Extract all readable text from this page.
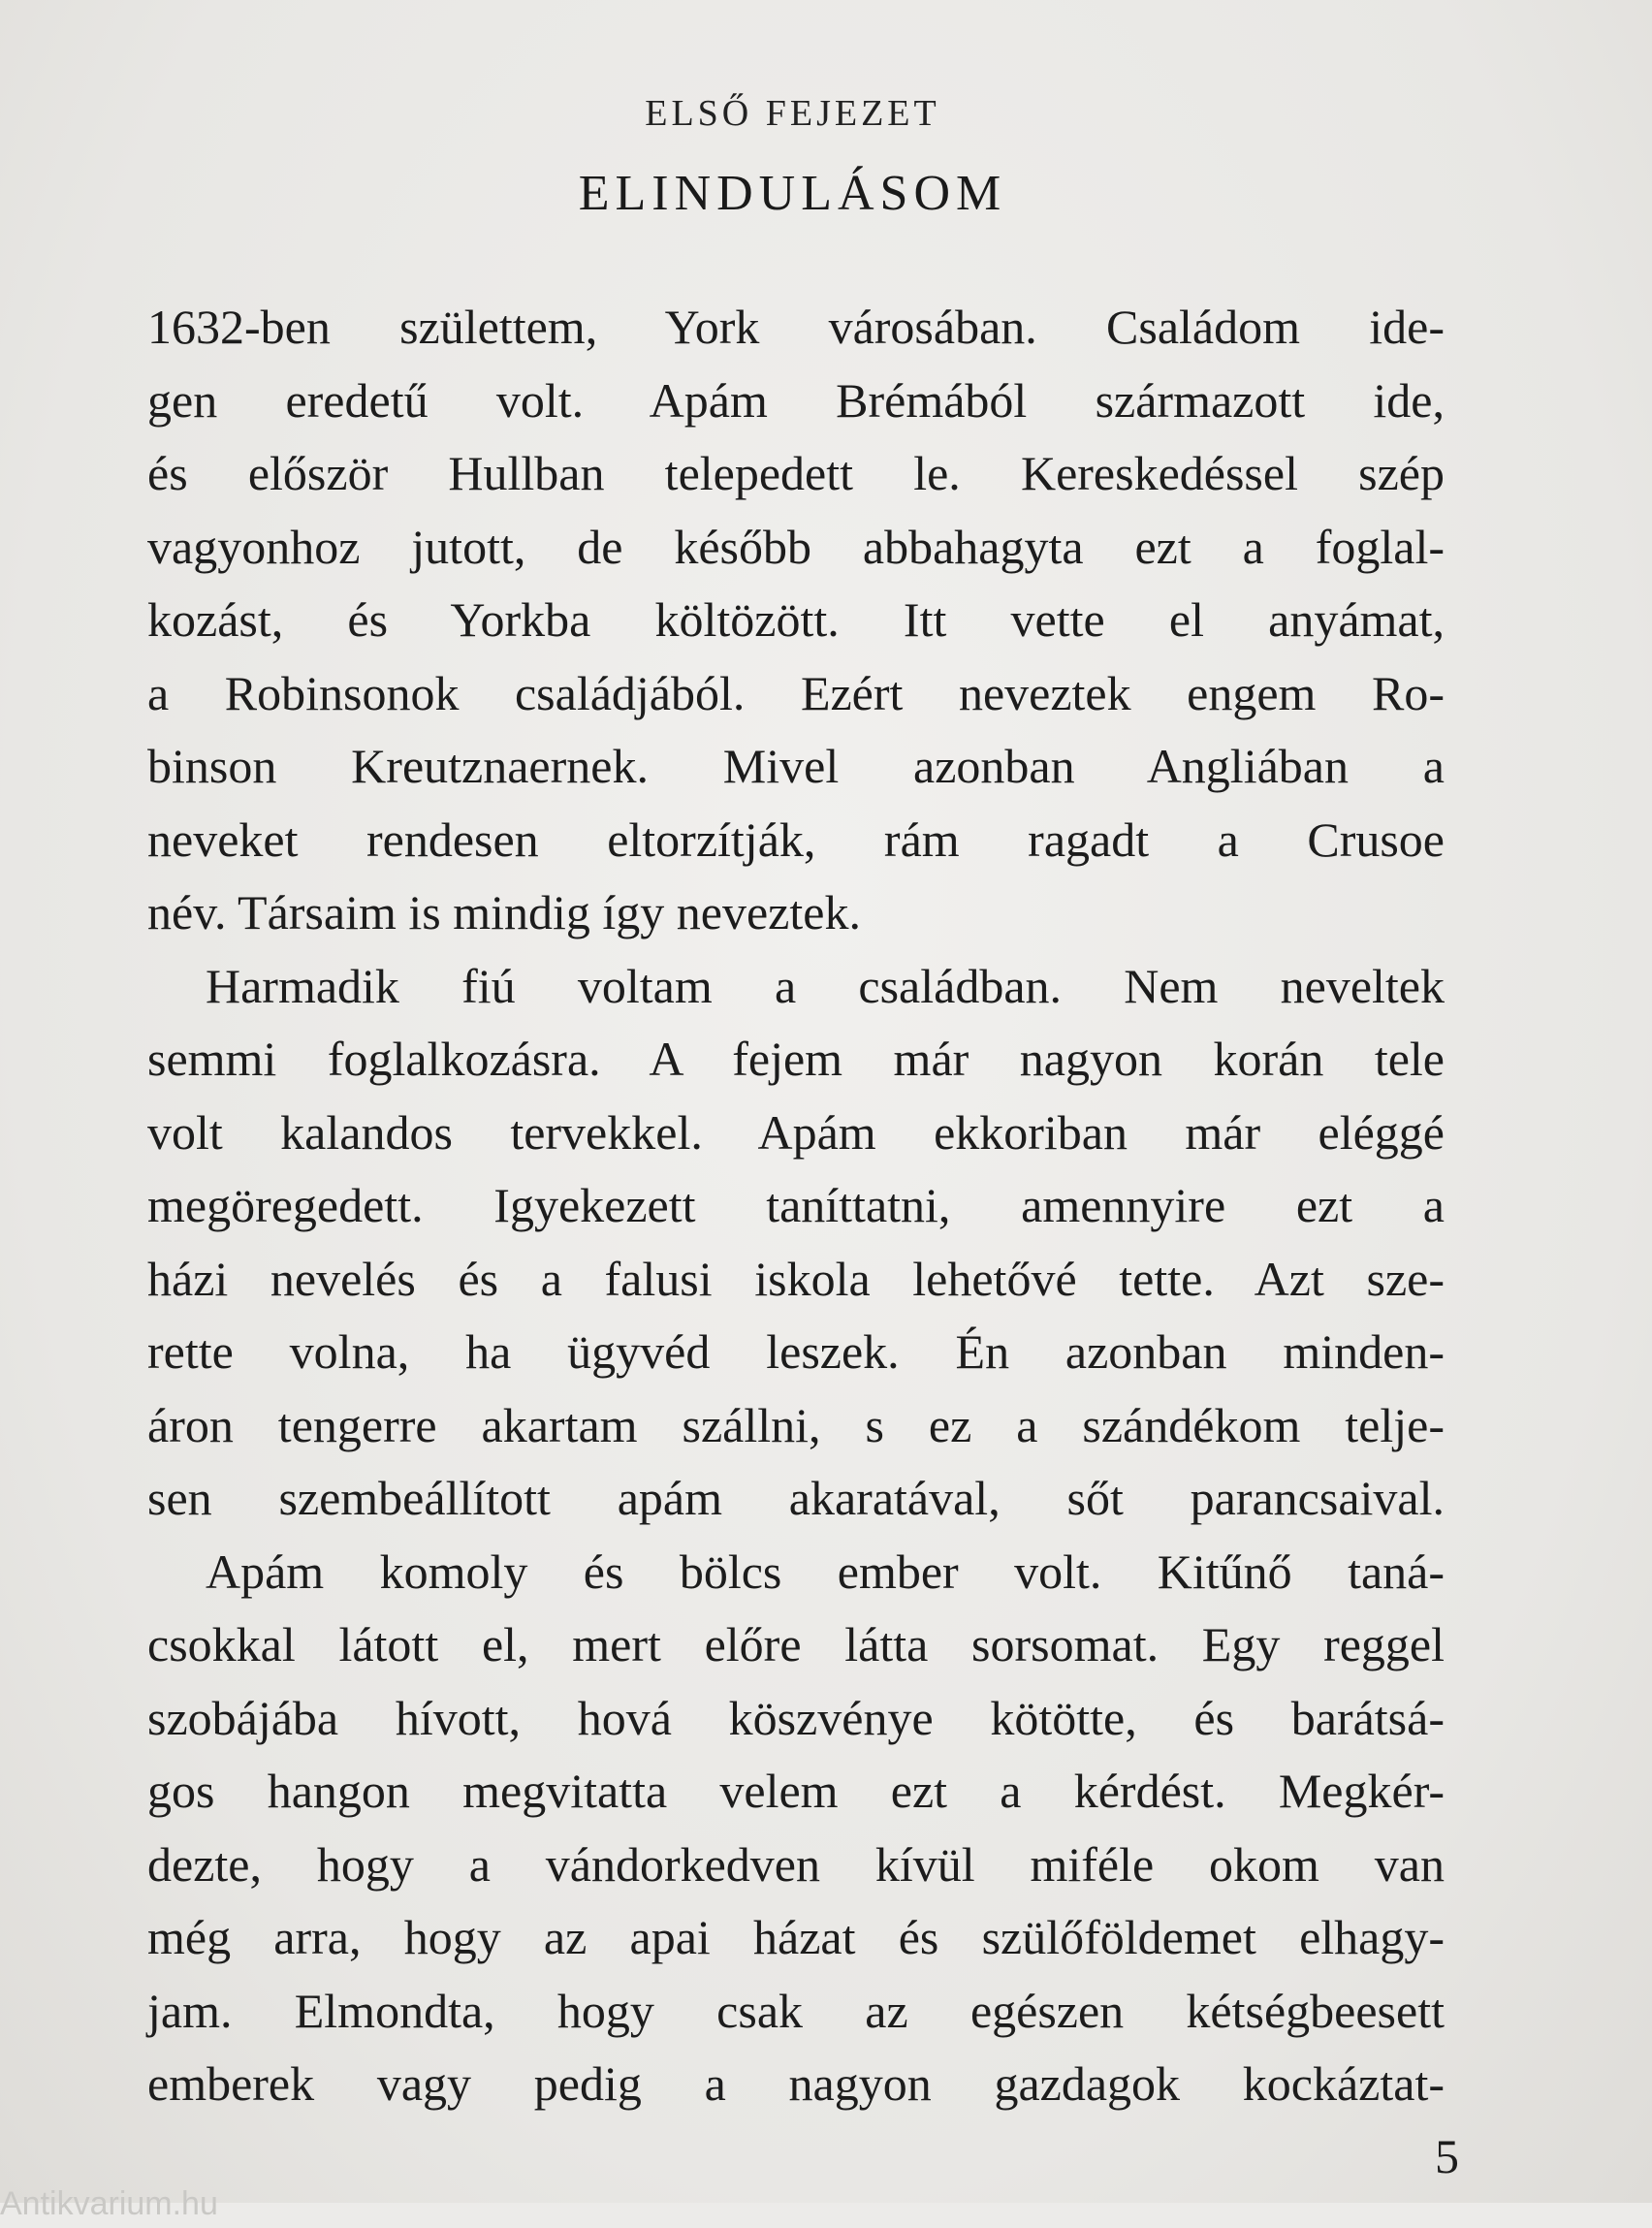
ELSŐ FEJEZET
ELINDULÁSOM
1632-ben születtem, York városában. Családom ide-
gen eredetű volt. Apám Brémából származott ide,
és először Hullban telepedett le. Kereskedéssel szép
vagyonhoz jutott, de később abbahagyta ezt a foglal-
kozást, és Yorkba költözött. Itt vette el anyámat,
a Robinsonok családjából. Ezért neveztek engem Ro-
binson Kreutznaernek. Mivel azonban Angliában a
neveket rendesen eltorzítják, rám ragadt a Crusoe
név. Társaim is mindig így neveztek.
Harmadik fiú voltam a családban. Nem neveltek
semmi foglalkozásra. A fejem már nagyon korán tele
volt kalandos tervekkel. Apám ekkoriban már eléggé
megöregedett. Igyekezett taníttatni, amennyire ezt a
házi nevelés és a falusi iskola lehetővé tette. Azt sze-
rette volna, ha ügyvéd leszek. Én azonban minden-
áron tengerre akartam szállni, s ez a szándékom telje-
sen szembeállított apám akaratával, sőt parancsaival.
Apám komoly és bölcs ember volt. Kitűnő taná-
csokkal látott el, mert előre látta sorsomat. Egy reggel
szobájába hívott, hová köszvénye kötötte, és barátsá-
gos hangon megvitatta velem ezt a kérdést. Megkér-
dezte, hogy a vándorkedven kívül miféle okom van
még arra, hogy az apai házat és szülőföldemet elhagy-
jam. Elmondta, hogy csak az egészen kétségbeesett
emberek vagy pedig a nagyon gazdagok kockáztat-
5
Antikvarium.hu
